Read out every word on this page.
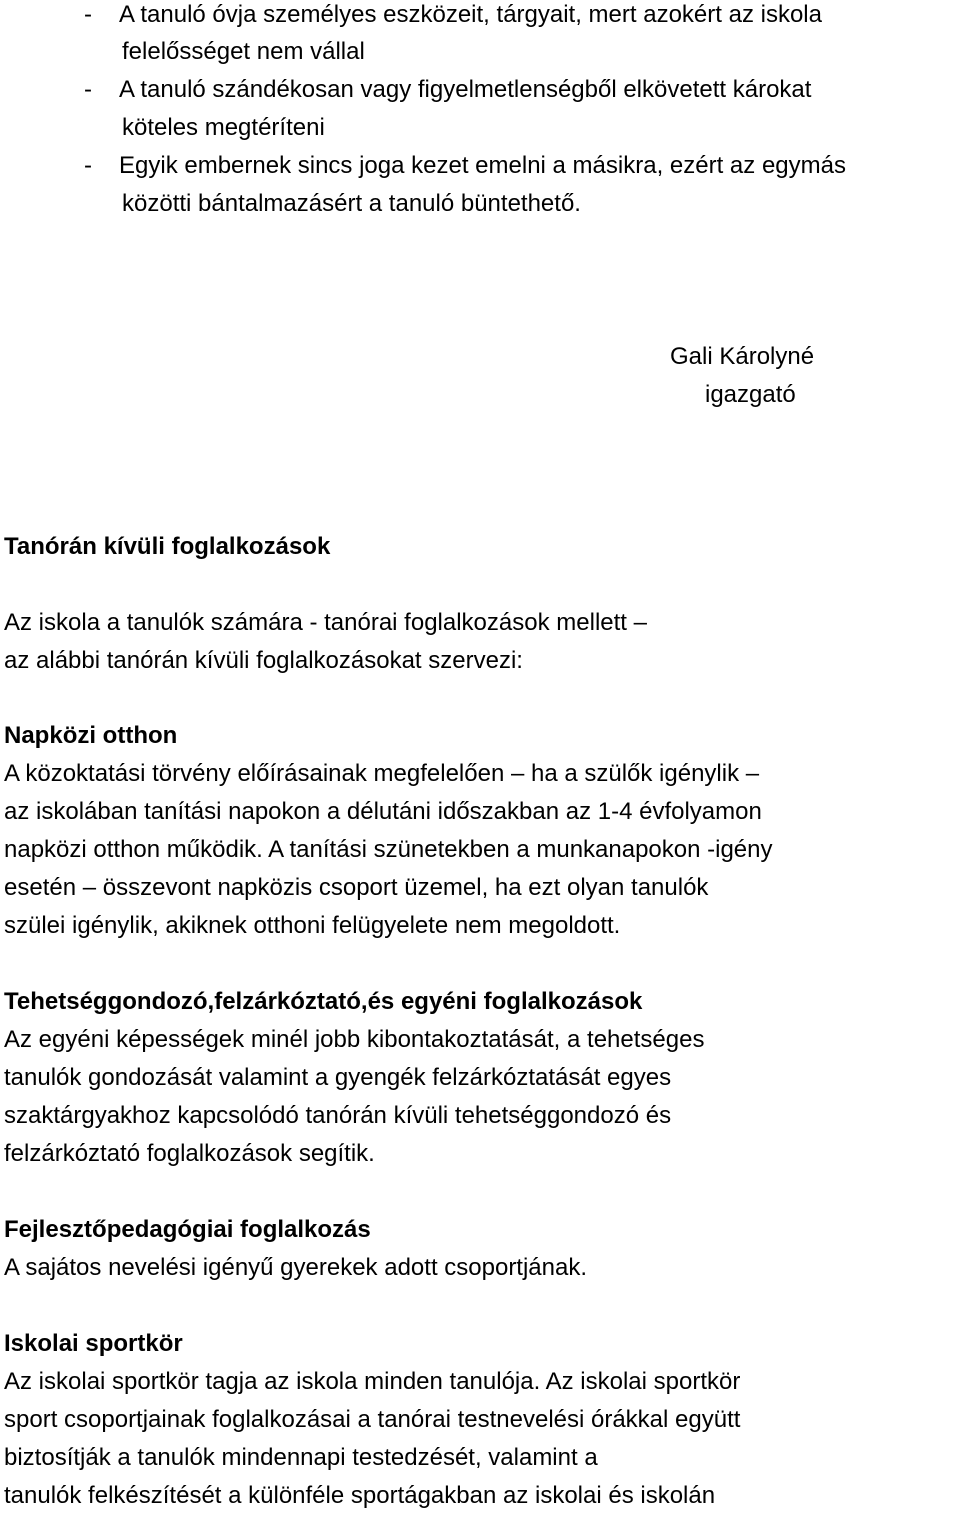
- A tanuló óvja személyes eszközeit, tárgyait, mert azokért az iskola
felelősséget nem vállal
- A tanuló szándékosan vagy figyelmetlenségből elkövetett károkat
köteles megtéríteni
- Egyik embernek sincs joga kezet emelni a másikra, ezért az egymás
közötti bántalmazásért a tanuló büntethető.
Gali Károlyné
igazgató
Tanórán kívüli foglalkozások
Az iskola a tanulók számára - tanórai foglalkozások mellett –
az alábbi tanórán kívüli foglalkozásokat szervezi:
Napközi otthon
A közoktatási törvény előírásainak megfelelően – ha a szülők igénylik –
az iskolában tanítási napokon a délutáni időszakban az 1-4 évfolyamon
napközi otthon működik. A tanítási szünetekben a munkanapokon -igény
esetén – összevont napközis csoport üzemel, ha ezt olyan tanulók
szülei igénylik, akiknek otthoni felügyelete nem megoldott.
Tehetséggondozó,felzárkóztató,és egyéni foglalkozások
Az egyéni képességek minél jobb kibontakoztatását, a tehetséges
tanulók gondozását valamint a gyengék felzárkóztatását egyes
szaktárgyakhoz kapcsolódó tanórán kívüli tehetséggondozó és
felzárkóztató foglalkozások segítik.
Fejlesztőpedagógiai foglalkozás
A sajátos nevelési igényű gyerekek adott csoportjának.
Iskolai sportkör
Az iskolai sportkör tagja az iskola minden tanulója. Az iskolai sportkör
sport csoportjainak foglalkozásai a tanórai testnevelési órákkal együtt
biztosítják a tanulók mindennapi testedzését, valamint a
tanulók felkészítését a különféle sportágakban az iskolai és iskolán
